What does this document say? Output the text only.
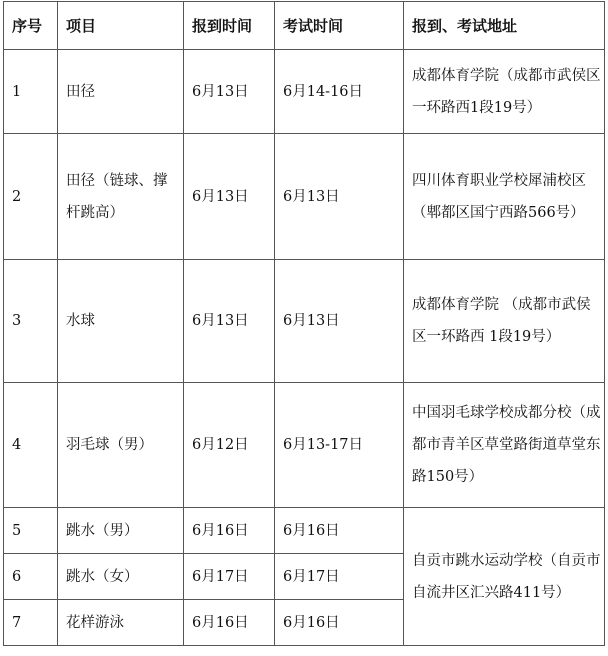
序号	项目	报到时间	考试时间	报到、考试地址
1	田径	6月13日	6月14-16日	成都体育学院（成都市武侯区一环路西1段19号）
2	田径（链球、撑杆跳高）	6月13日	6月13日	四川体育职业学校犀浦校区（郫都区国宁西路566号）
3	水球	6月13日	6月13日	成都体育学院 （成都市武侯区一环路西 1段19号）
4	羽毛球（男）	6月12日	6月13-17日	中国羽毛球学校成都分校（成都市青羊区草堂路街道草堂东路150号）
5	跳水（男）	6月16日	6月16日	自贡市跳水运动学校（自贡市自流井区汇兴路411号）
6	跳水（女）	6月17日	6月17日	
7	花样游泳	6月16日	6月16日	
